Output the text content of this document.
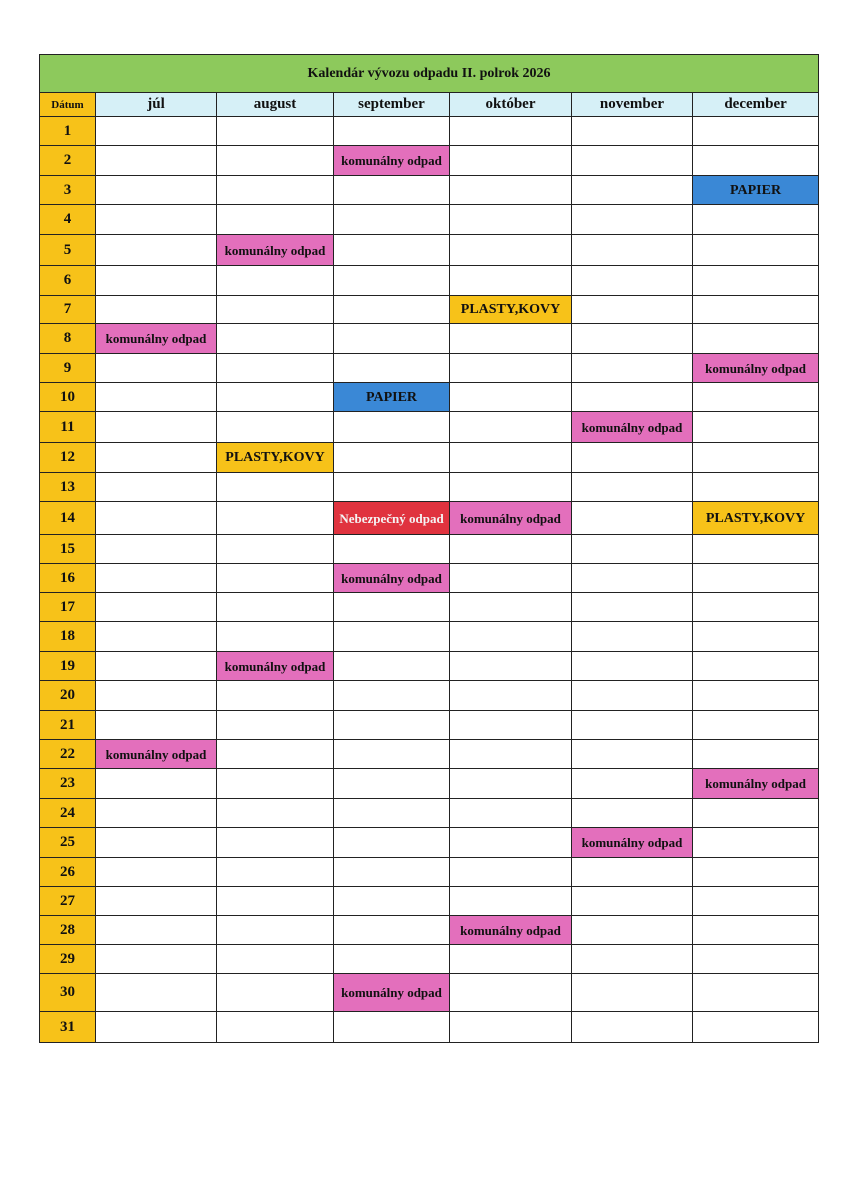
Kalendár vývozu odpadu II. polrok 2026						
Dátum	júl	august	september	október	november	december
1						
2			komunálny odpad			
3						PAPIER
4						
5		komunálny odpad				
6						
7				PLASTY,KOVY		
8	komunálny odpad					
9						komunálny odpad
10			PAPIER			
11					komunálny odpad	
12		PLASTY,KOVY				
13						
14			Nebezpečný odpad	komunálny odpad		PLASTY,KOVY
15						
16			komunálny odpad			
17						
18						
19		komunálny odpad				
20						
21						
22	komunálny odpad					
23						komunálny odpad
24						
25					komunálny odpad	
26						
27						
28				komunálny odpad		
29						
30			komunálny odpad			
31						
